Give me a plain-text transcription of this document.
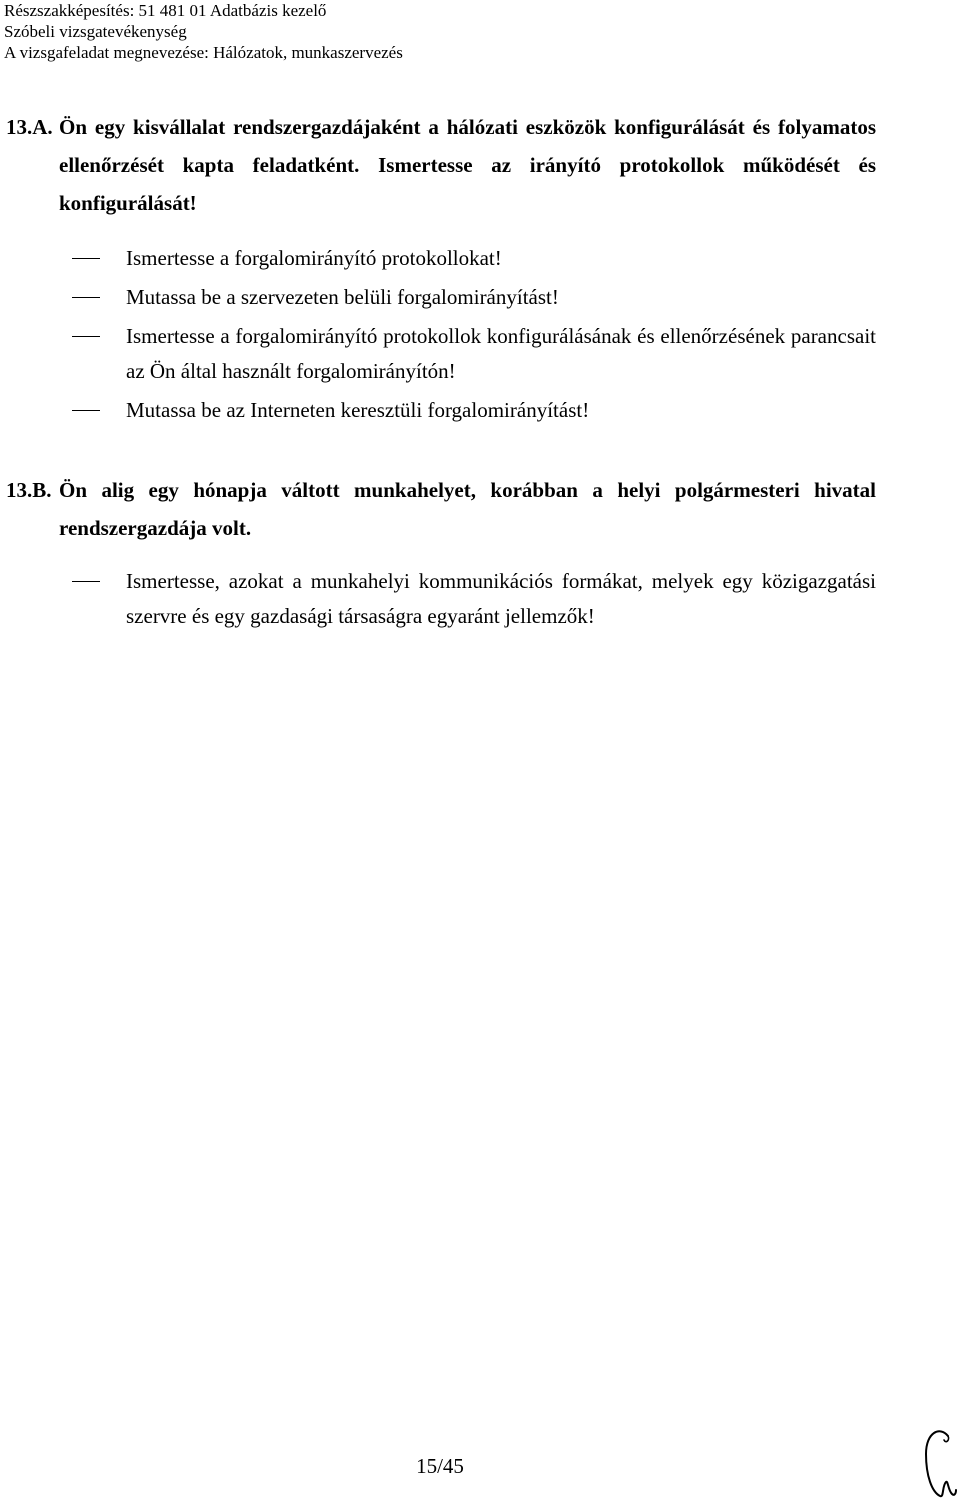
Részszakképesítés: 51 481 01 Adatbázis kezelő
Szóbeli vizsgatevékenység
A vizsgafeladat megnevezése: Hálózatok, munkaszervezés
13.A. Ön egy kisvállalat rendszergazdájaként a hálózati eszközök konfigurálását és folyamatos ellenőrzését kapta feladatként. Ismertesse az irányító protokollok működését és konfigurálását!
Ismertesse a forgalomirányító protokollokat!
Mutassa be a szervezeten belüli forgalomirányítást!
Ismertesse a forgalomirányító protokollok konfigurálásának és ellenőrzésének parancsait az Ön által használt forgalomirányítón!
Mutassa be az Interneten keresztüli forgalomirányítást!
13.B. Ön alig egy hónapja váltott munkahelyet, korábban a helyi polgármesteri hivatal rendszergazdája volt.
Ismertesse, azokat a munkahelyi kommunikációs formákat, melyek egy közigazgatási szervre és egy gazdasági társaságra egyaránt jellemzők!
15/45
